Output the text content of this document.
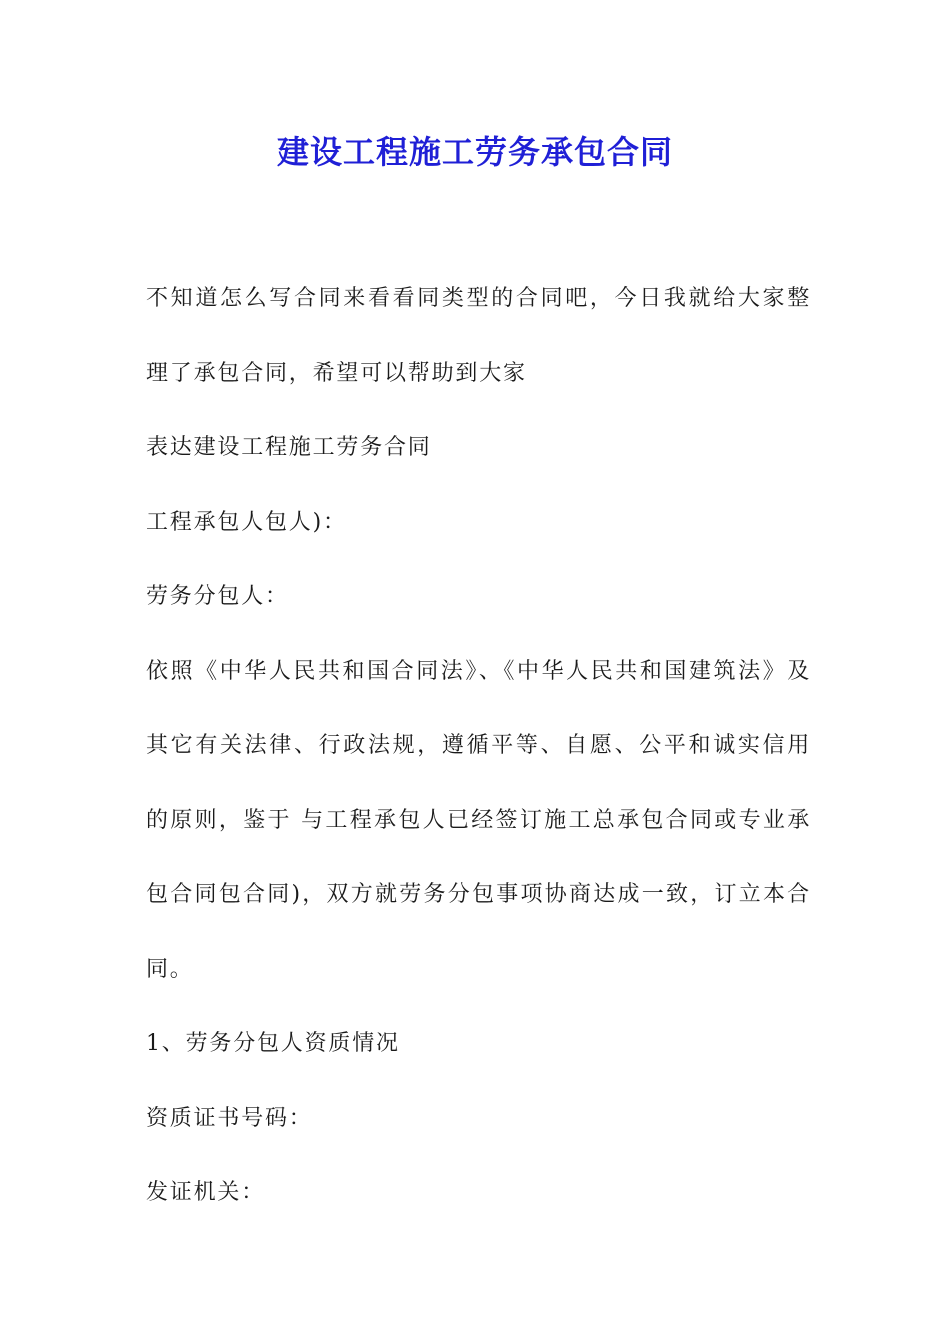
建设工程施工劳务承包合同

不知道怎么写合同来看看同类型的合同吧，今日我就给大家整理了承包合同，希望可以帮助到大家

表达建设工程施工劳务合同

工程承包人包人)：

劳务分包人：

依照《中华人民共和国合同法》、《中华人民共和国建筑法》及其它有关法律、行政法规，遵循平等、自愿、公平和诚实信用的原则，鉴于 与工程承包人已经签订施工总承包合同或专业承包合同包合同)，双方就劳务分包事项协商达成一致，订立本合同。

1、劳务分包人资质情况

资质证书号码：

发证机关：
